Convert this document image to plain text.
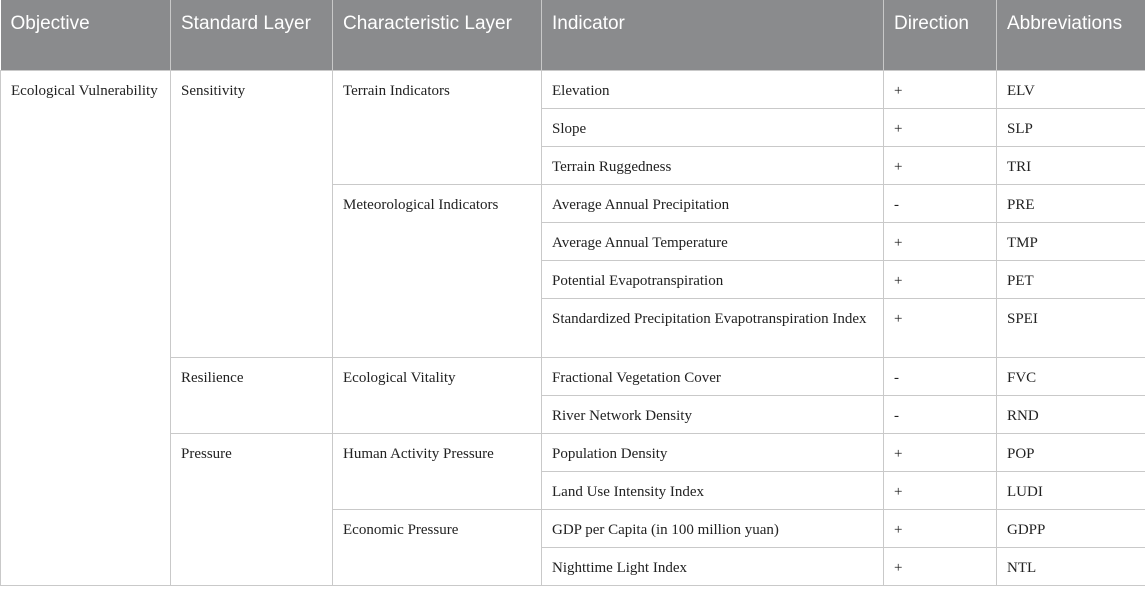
Objective	Standard Layer	Characteristic Layer	Indicator	Direction	Abbreviations
Ecological Vulnerability	Sensitivity	Terrain Indicators	Elevation	+	ELV
			Slope	+	SLP
			Terrain Ruggedness	+	TRI
		Meteorological Indicators	Average Annual Precipitation	-	PRE
			Average Annual Temperature	+	TMP
			Potential Evapotranspiration	+	PET
			Standardized Precipitation Evapotranspiration Index	+	SPEI
	Resilience	Ecological Vitality	Fractional Vegetation Cover	-	FVC
			River Network Density	-	RND
	Pressure	Human Activity Pressure	Population Density	+	POP
			Land Use Intensity Index	+	LUDI
		Economic Pressure	GDP per Capita (in 100 million yuan)	+	GDPP
			Nighttime Light Index	+	NTL
